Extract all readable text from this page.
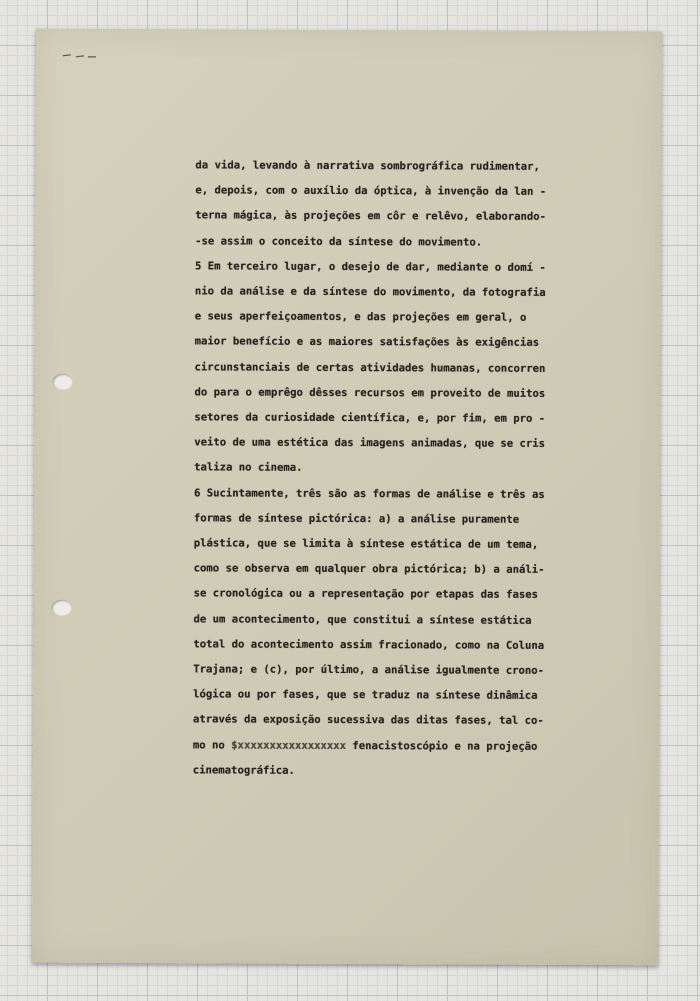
da vida, levando à narrativa sombrográfica rudimentar,
e, depois, com o auxílio da óptica, à invenção da lan -
terna mágica, às projeções em côr e relêvo, elaborando-
-se assim o conceito da síntese do movimento.
5 Em terceiro lugar, o desejo de dar, mediante o domí -
nio da análise e da síntese do movimento, da fotografia
e seus aperfeiçoamentos, e das projeções em geral, o
maior benefício e as maiores satisfações às exigências
circunstanciais de certas atividades humanas, concorren
do para o emprêgo dêsses recursos em proveito de muitos
setores da curiosidade científica, e, por fim, em pro -
veito de uma estética das imagens animadas, que se cris
taliza no cinema.
6 Sucintamente, três são as formas de análise e três as
formas de síntese pictórica: a) a análise puramente
plástica, que se limita à síntese estática de um tema,
como se observa em qualquer obra pictórica; b) a análi-
se cronológica ou a representação por etapas das fases
de um acontecimento, que constitui a síntese estática
total do acontecimento assim fracionado, como na Coluna
Trajana; e (c), por último, a análise igualmente crono-
lógica ou por fases, que se traduz na síntese dinâmica
através da exposição sucessiva das ditas fases, tal co-
mo no $xxxxxxxxxxxxxxxxx fenacistoscópio e na projeção
cinematográfica.
